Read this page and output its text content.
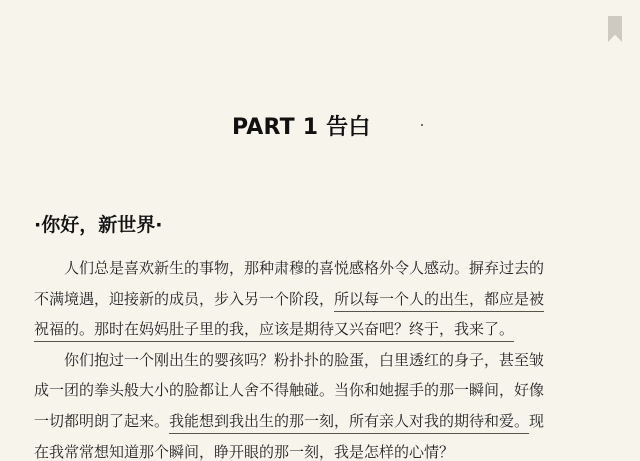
PART 1 告白
·你好，新世界·
人们总是喜欢新生的事物，那种肃穆的喜悦感格外令人感动。摒弃过去的
不满境遇，迎接新的成员，步入另一个阶段，所以每一个人的出生，都应是被
祝福的。那时在妈妈肚子里的我，应该是期待又兴奋吧？终于，我来了。
你们抱过一个刚出生的婴孩吗？粉扑扑的脸蛋，白里透红的身子，甚至皱
成一团的拳头般大小的脸都让人舍不得触碰。当你和她握手的那一瞬间，好像
一切都明朗了起来。我能想到我出生的那一刻，所有亲人对我的期待和爱。现
在我常常想知道那个瞬间，睁开眼的那一刻，我是怎样的心情？
